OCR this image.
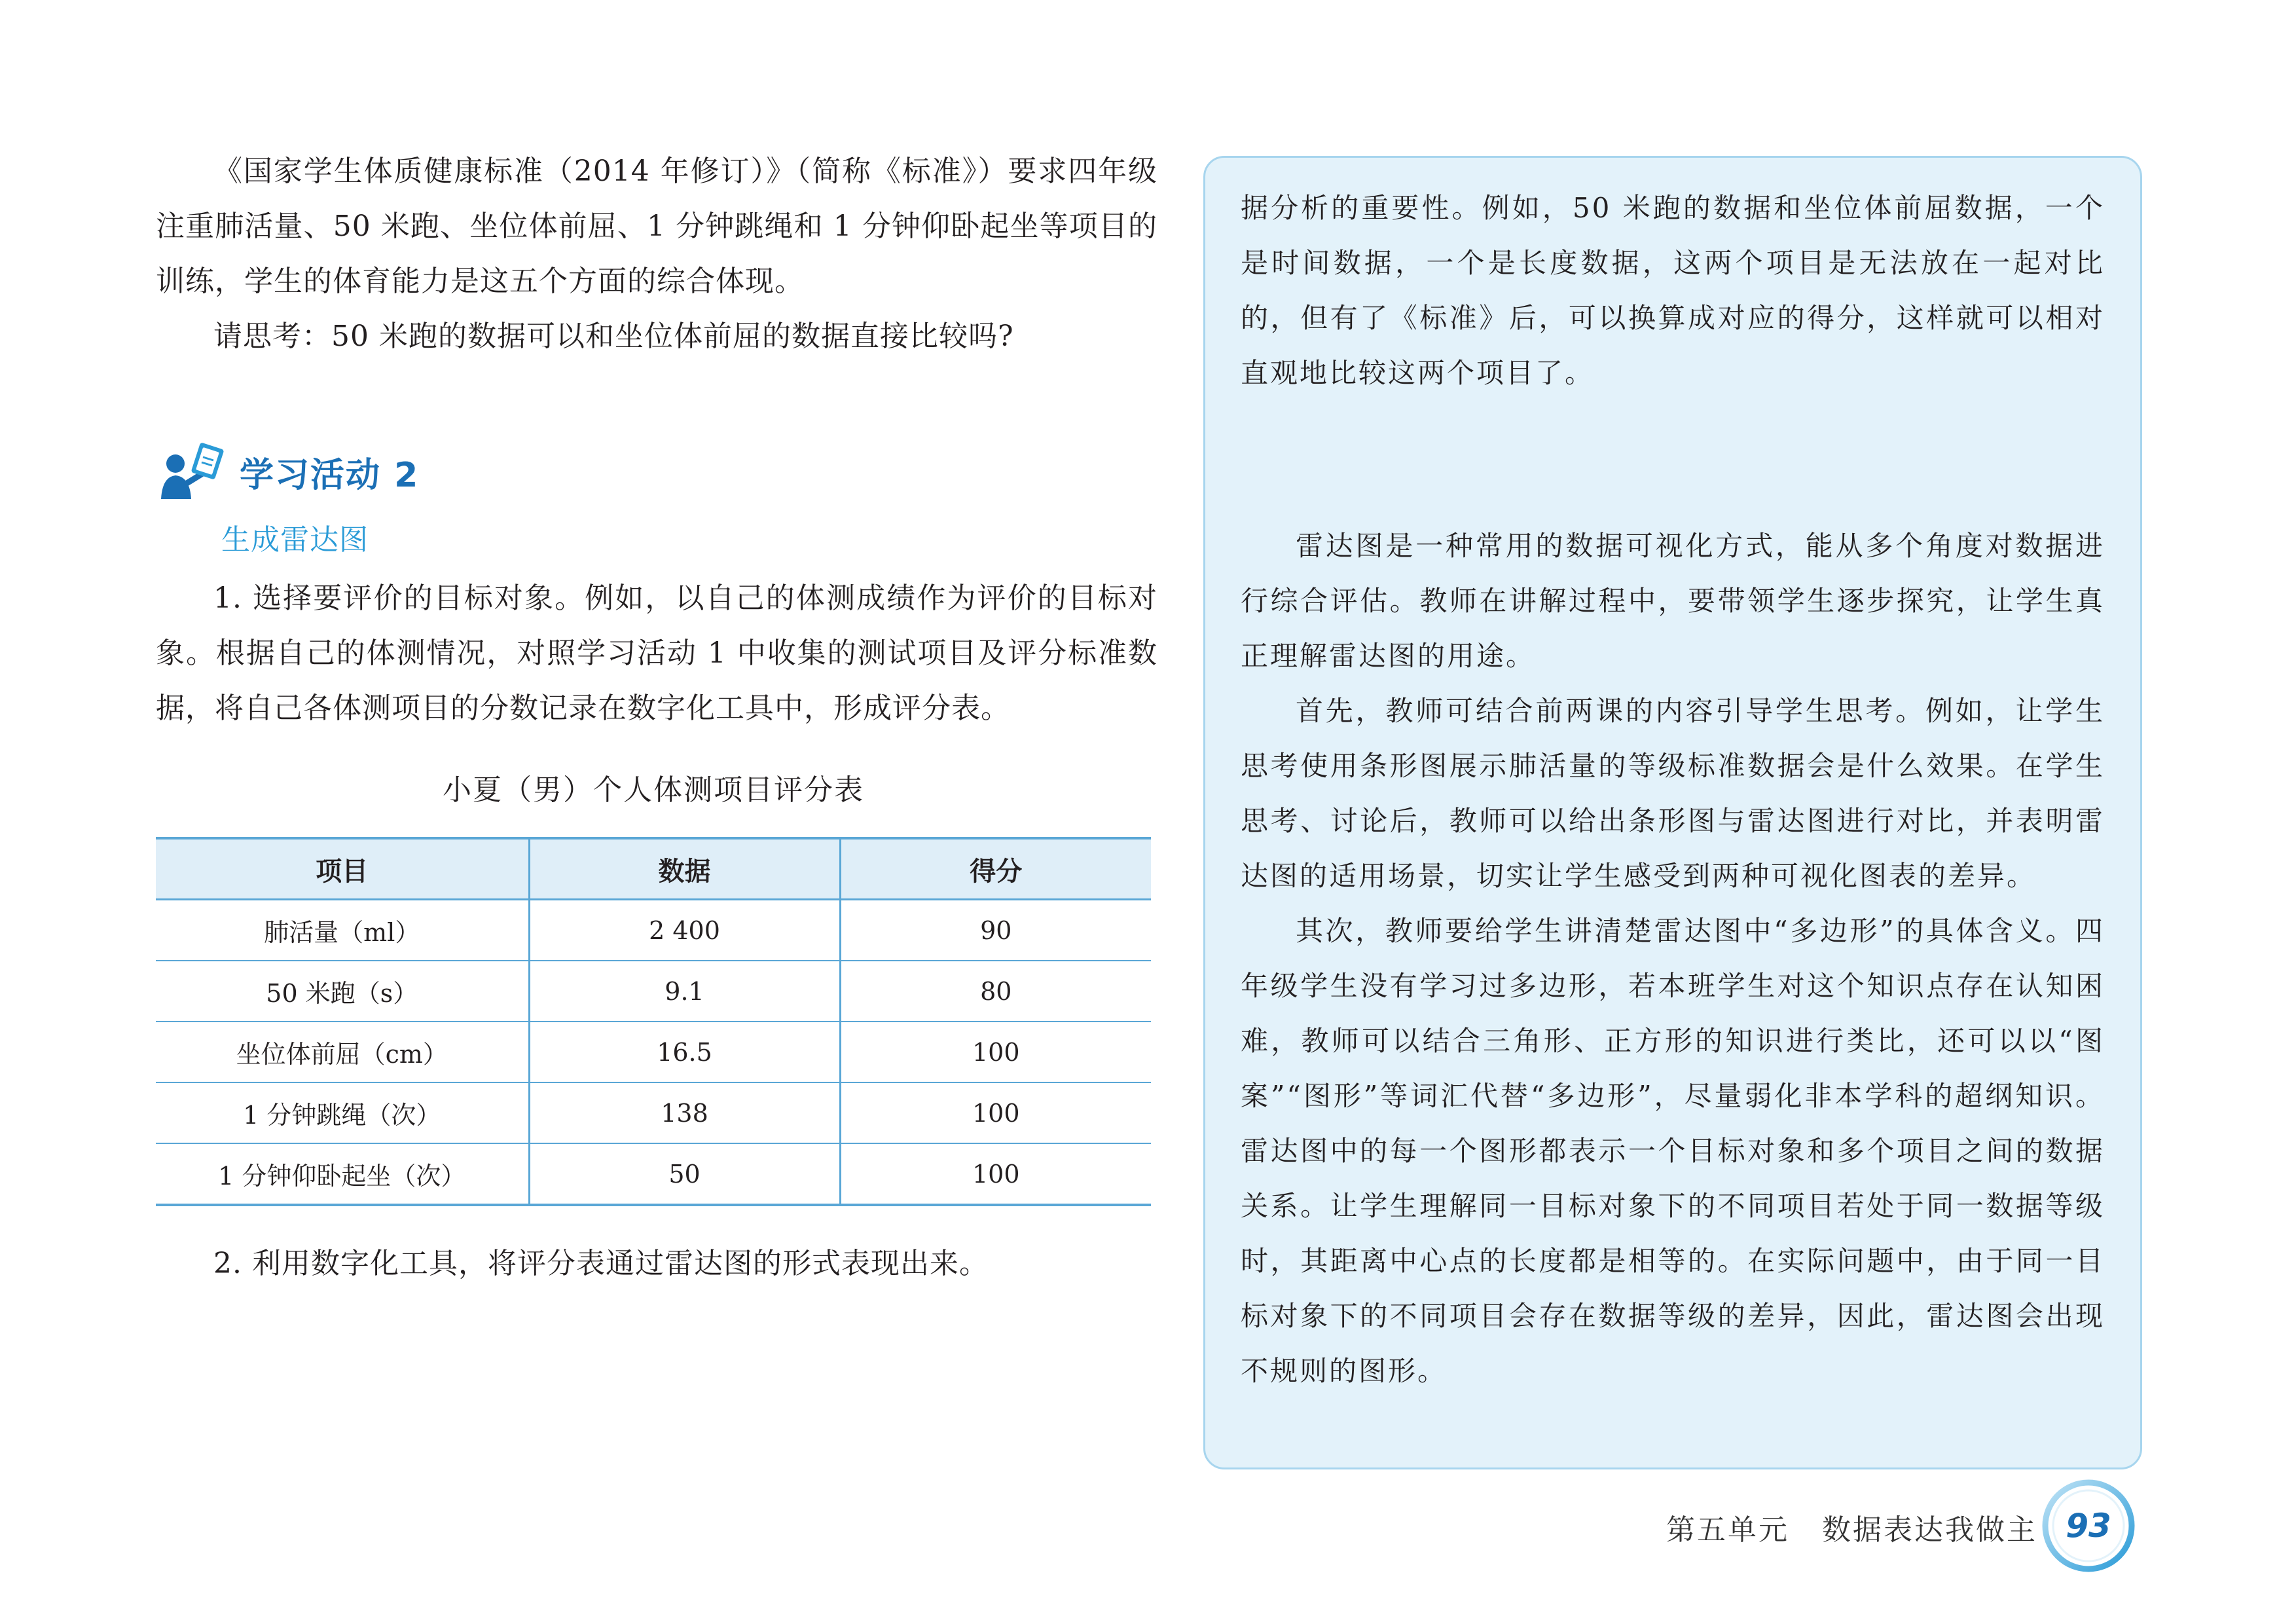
《国家学生体质健康标准（2014 年修订）》（简称《标准》）要求四年级注重肺活量、50 米跑、坐位体前屈、1 分钟跳绳和 1 分钟仰卧起坐等项目的训练，学生的体育能力是这五个方面的综合体现。

请思考：50 米跑的数据可以和坐位体前屈的数据直接比较吗?

学习活动 2
生成雷达图

1. 选择要评价的目标对象。例如，以自己的体测成绩作为评价的目标对象。根据自己的体测情况，对照学习活动 1 中收集的测试项目及评分标准数据，将自己各体测项目的分数记录在数字化工具中，形成评分表。

小夏（男）个人体测项目评分表
项目	数据	得分
肺活量（ml）	2 400	90
50 米跑（s）	9.1	80
坐位体前屈（cm）	16.5	100
1 分钟跳绳（次）	138	100
1 分钟仰卧起坐（次）	50	100

2. 利用数字化工具，将评分表通过雷达图的形式表现出来。

据分析的重要性。例如，50 米跑的数据和坐位体前屈数据，一个是时间数据，一个是长度数据，这两个项目是无法放在一起对比的，但有了《标准》后，可以换算成对应的得分，这样就可以相对直观地比较这两个项目了。

雷达图是一种常用的数据可视化方式，能从多个角度对数据进行综合评估。教师在讲解过程中，要带领学生逐步探究，让学生真正理解雷达图的用途。

首先，教师可结合前两课的内容引导学生思考。例如，让学生思考使用条形图展示肺活量的等级标准数据会是什么效果。在学生思考、讨论后，教师可以给出条形图与雷达图进行对比，并表明雷达图的适用场景，切实让学生感受到两种可视化图表的差异。

其次，教师要给学生讲清楚雷达图中“多边形”的具体含义。四年级学生没有学习过多边形，若本班学生对这个知识点存在认知困难，教师可以结合三角形、正方形的知识进行类比，还可以以“图案”“图形”等词汇代替“多边形”，尽量弱化非本学科的超纲知识。雷达图中的每一个图形都表示一个目标对象和多个项目之间的数据关系。让学生理解同一目标对象下的不同项目若处于同一数据等级时，其距离中心点的长度都是相等的。在实际问题中，由于同一目标对象下的不同项目会存在数据等级的差异，因此，雷达图会出现不规则的图形。

第五单元 数据表达我做主 93
